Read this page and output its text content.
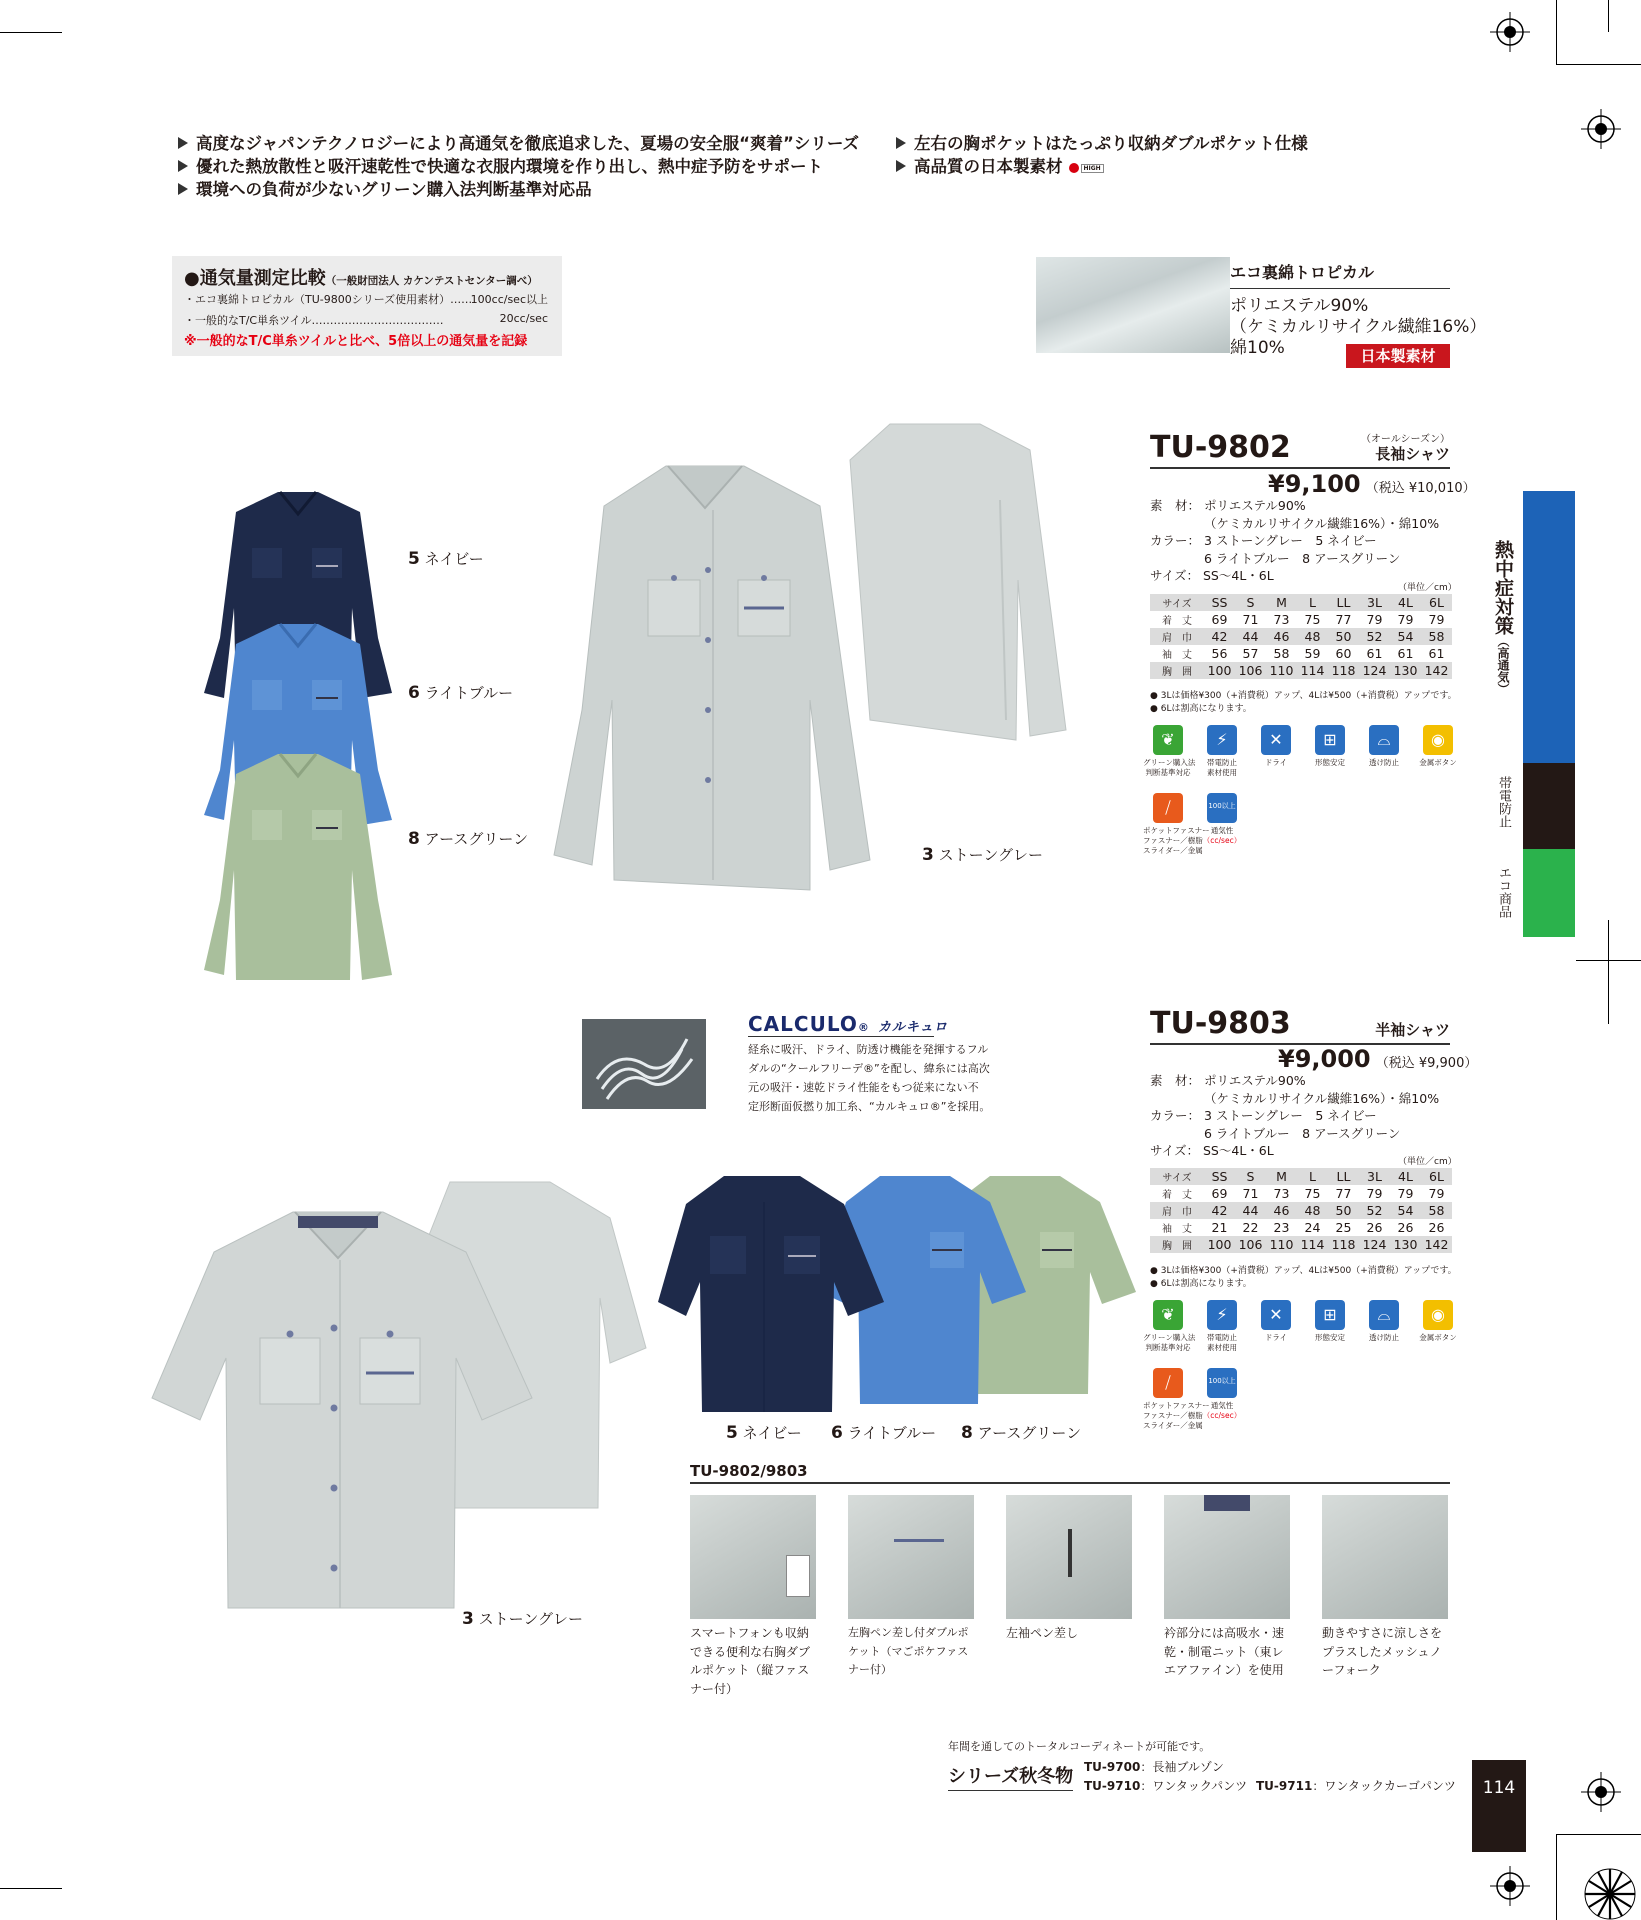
高度なジャパンテクノロジーにより高通気を徹底追求した、夏場の安全服“爽着”シリーズ
優れた熱放散性と吸汗速乾性で快適な衣服内環境を作り出し、熱中症予防をサポート
環境への負荷が少ないグリーン購入法判断基準対応品
左右の胸ポケットはたっぷり収納ダブルポケット仕様
高品質の日本製素材	HIGH
●通気量測定比較（一般財団法人 カケンテストセンター調べ）
・エコ裏綿トロピカル（TU-9800シリーズ使用素材）……
100cc/sec以上
・一般的なT/C単糸ツイル………………………………	20cc/sec
※一般的なT/C単糸ツイルと比べ、5倍以上の通気量を記録
エコ裏綿トロピカル
ポリエステル90%
（ケミカルリサイクル繊維16%）
綿10%	日本製素材
熱中症対策（高通気）
帯電防止
エコ商品
TU-9802	（オールシーズン）
長袖シャツ
¥9,100 （税込 ¥10,010）
素　材： ポリエステル90%
（ケミカルリサイクル繊維16%）・綿10%
カラー： 3 ストーングレー　5 ネイビー
6 ライトブルー　8 アースグリーン
サイズ： SS〜4L・6L
（単位／cm）
サイズ	SS	S	M	L	LL	3L	4L	6L
着　丈	69	71	73	75	77	79	79	79
肩　巾	42	44	46	48	50	52	54	58
袖　丈	56	57	58	59	60	61	61	61
胸　囲	100	106	110	114	118	124	130	142
● 3Lは価格¥300（+消費税）アップ、4Lは¥500（+消費税）アップです。
● 6Lは割高になります。
❦
グリーン購入法
判断基準対応
⚡
帯電防止
素材使用
✕
ドライ
⊞
形態安定
⌓
透け防止
◉
金属ボタン
⧸
ポケットファスナー
ファスナー／樹脂
スライダー／金属
100以上
通気性
（cc/sec）
5 ネイビー
6 ライトブルー
8 アースグリーン
3 ストーングレー
CALCULO® カルキュロ
経糸に吸汗、ドライ、防透け機能を発揮するフル
ダルの“クールフリーデ®”を配し、緯糸には高次
元の吸汗・速乾ドライ性能をもつ従来にない不
定形断面仮撚り加工糸、“カルキュロ®”を採用。
TU-9803	半袖シャツ
¥9,000 （税込 ¥9,900）
素　材： ポリエステル90%
（ケミカルリサイクル繊維16%）・綿10%
カラー： 3 ストーングレー　5 ネイビー
6 ライトブルー　8 アースグリーン
サイズ： SS〜4L・6L
（単位／cm）
サイズ	SS	S	M	L	LL	3L	4L	6L
着　丈	69	71	73	75	77	79	79	79
肩　巾	42	44	46	48	50	52	54	58
袖　丈	21	22	23	24	25	26	26	26
胸　囲	100	106	110	114	118	124	130	142
● 3Lは価格¥300（+消費税）アップ、4Lは¥500（+消費税）アップです。
● 6Lは割高になります。
❦
グリーン購入法
判断基準対応
⚡
帯電防止
素材使用
✕
ドライ
⊞
形態安定
⌓
透け防止
◉
金属ボタン
⧸
ポケットファスナー
ファスナー／樹脂
スライダー／金属
100以上
通気性
（cc/sec）
3 ストーングレー
5 ネイビー 6 ライトブルー 8 アースグリーン
TU-9802/9803
スマートフォンも収納できる便利な右胸ダブルポケット（縦ファスナー付）
左胸ペン差し付ダブルポケット（マごポケファスナー付）
左袖ペン差し	衿部分には高吸水・速乾・制電ニット（東レエアファイン）を使用
動きやすさに涼しさをプラスしたメッシュノーフォーク
年間を通してのトータルコーディネートが可能です。
シリーズ秋冬物 TU-9700：長袖ブルゾン
TU-9710：ワンタックパンツ TU-9711：ワンタックカーゴパンツ	114
